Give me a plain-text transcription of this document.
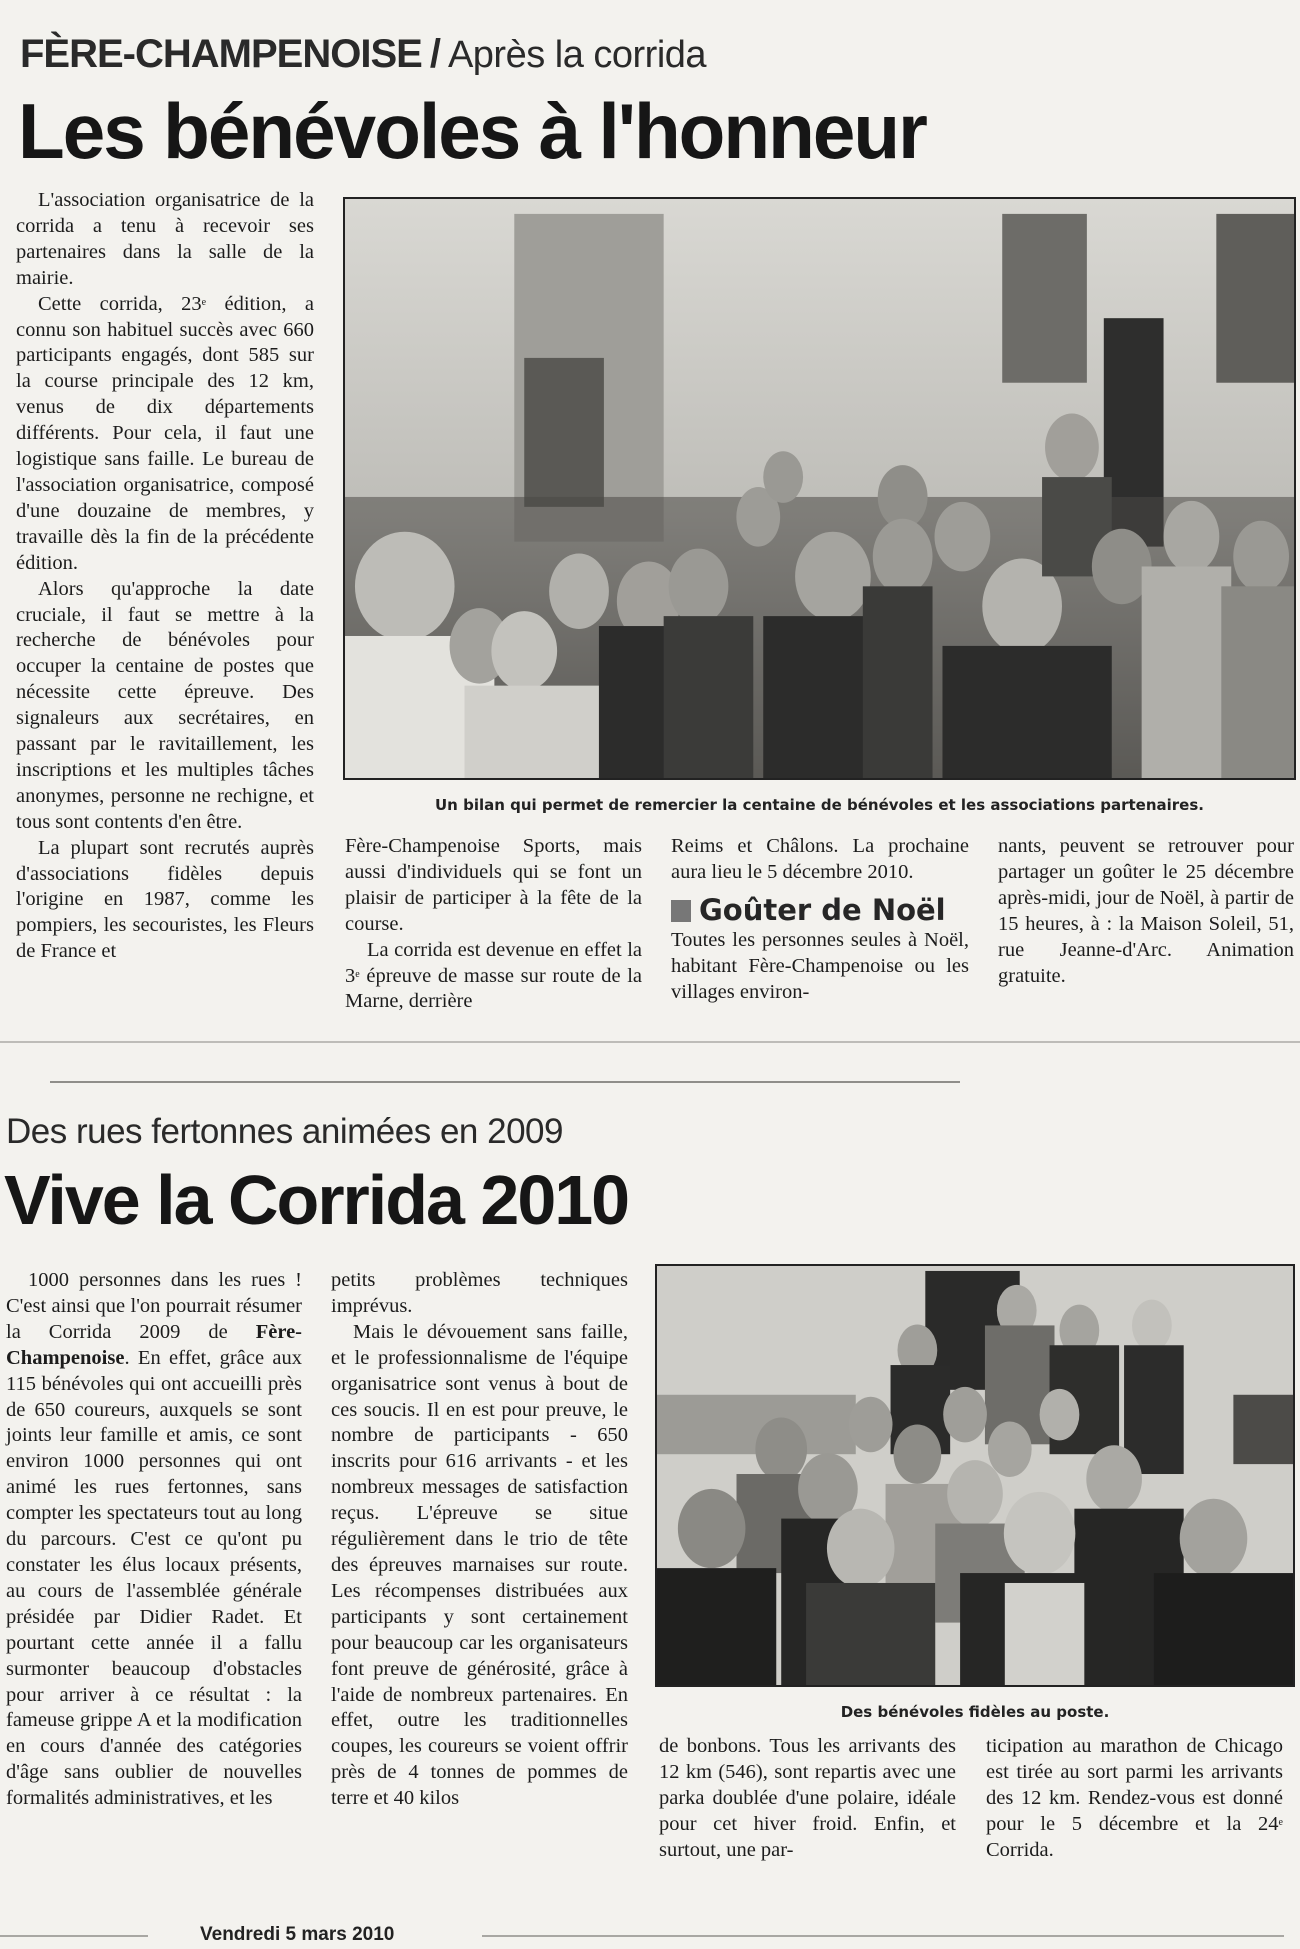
FÈRE-CHAMPENOISE / Après la corrida
Les bénévoles à l'honneur

L'association organisatrice de la corrida a tenu à recevoir ses partenaires dans la salle de la mairie.

Cette corrida, 23e édition, a connu son habituel succès avec 660 participants engagés, dont 585 sur la course principale des 12 km, venus de dix départements différents. Pour cela, il faut une logistique sans faille. Le bureau de l'association organisatrice, composé d'une douzaine de membres, y travaille dès la fin de la précédente édition.

Alors qu'approche la date cruciale, il faut se mettre à la recherche de bénévoles pour occuper la centaine de postes que nécessite cette épreuve. Des signaleurs aux secrétaires, en passant par le ravitaillement, les inscriptions et les multiples tâches anonymes, personne ne rechigne, et tous sont contents d'en être.

La plupart sont recrutés auprès d'associations fidèles depuis l'origine en 1987, comme les pompiers, les secouristes, les Fleurs de France et

Un bilan qui permet de remercier la centaine de bénévoles et les associations partenaires.

Fère-Champenoise Sports, mais aussi d'individuels qui se font un plaisir de participer à la fête de la course.

La corrida est devenue en effet la 3e épreuve de masse sur route de la Marne, derrière

Reims et Châlons. La prochaine aura lieu le 5 décembre 2010.

Goûter de Noël

Toutes les personnes seules à Noël, habitant Fère-Champenoise ou les villages environ-

nants, peuvent se retrouver pour partager un goûter le 25 décembre après-midi, jour de Noël, à partir de 15 heures, à : la Maison Soleil, 51, rue Jeanne-d'Arc. Animation gratuite.

Des rues fertonnes animées en 2009
Vive la Corrida 2010

1000 personnes dans les rues ! C'est ainsi que l'on pourrait résumer la Corrida 2009 de Fère-Champenoise. En effet, grâce aux 115 bénévoles qui ont accueilli près de 650 coureurs, auxquels se sont joints leur famille et amis, ce sont environ 1000 personnes qui ont animé les rues fertonnes, sans compter les spectateurs tout au long du parcours. C'est ce qu'ont pu constater les élus locaux présents, au cours de l'assemblée générale présidée par Didier Radet. Et pourtant cette année il a fallu surmonter beaucoup d'obstacles pour arriver à ce résultat : la fameuse grippe A et la modification en cours d'année des catégories d'âge sans oublier de nouvelles formalités administratives, et les

petits problèmes techniques imprévus.

Mais le dévouement sans faille, et le professionnalisme de l'équipe organisatrice sont venus à bout de ces soucis. Il en est pour preuve, le nombre de participants - 650 inscrits pour 616 arrivants - et les nombreux messages de satisfaction reçus. L'épreuve se situe régulièrement dans le trio de tête des épreuves marnaises sur route. Les récompenses distribuées aux participants y sont certainement pour beaucoup car les organisateurs font preuve de générosité, grâce à l'aide de nombreux partenaires. En effet, outre les traditionnelles coupes, les coureurs se voient offrir près de 4 tonnes de pommes de terre et 40 kilos

Des bénévoles fidèles au poste.

de bonbons. Tous les arrivants des 12 km (546), sont repartis avec une parka doublée d'une polaire, idéale pour cet hiver froid. Enfin, et surtout, une par-

ticipation au marathon de Chicago est tirée au sort parmi les arrivants des 12 km. Rendez-vous est donné pour le 5 décembre et la 24e Corrida.

Vendredi 5 mars 2010
